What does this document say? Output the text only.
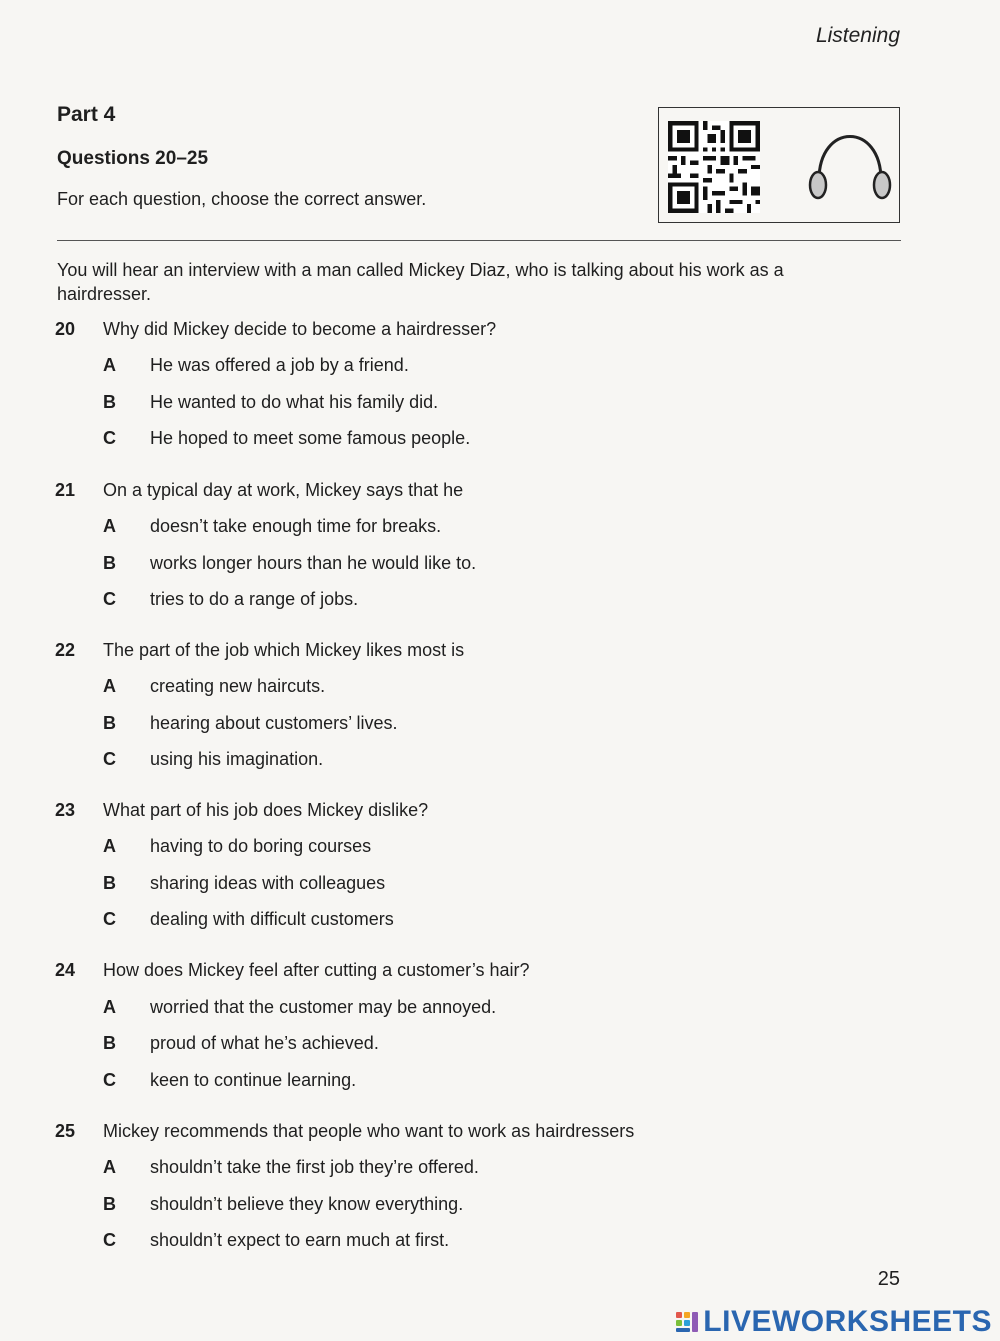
Listening
Part 4
Questions 20–25
For each question, choose the correct answer.
You will hear an interview with a man called Mickey Diaz, who is talking about his work as a hairdresser.
20 Why did Mickey decide to become a hairdresser?
A He was offered a job by a friend.
B He wanted to do what his family did.
C He hoped to meet some famous people.
21 On a typical day at work, Mickey says that he
A doesn’t take enough time for breaks.
B works longer hours than he would like to.
C tries to do a range of jobs.
22 The part of the job which Mickey likes most is
A creating new haircuts.
B hearing about customers’ lives.
C using his imagination.
23 What part of his job does Mickey dislike?
A having to do boring courses
B sharing ideas with colleagues
C dealing with difficult customers
24 How does Mickey feel after cutting a customer’s hair?
A worried that the customer may be annoyed.
B proud of what he’s achieved.
C keen to continue learning.
25 Mickey recommends that people who want to work as hairdressers
A shouldn’t take the first job they’re offered.
B shouldn’t believe they know everything.
C shouldn’t expect to earn much at first.
25
LIVEWORKSHEETS
